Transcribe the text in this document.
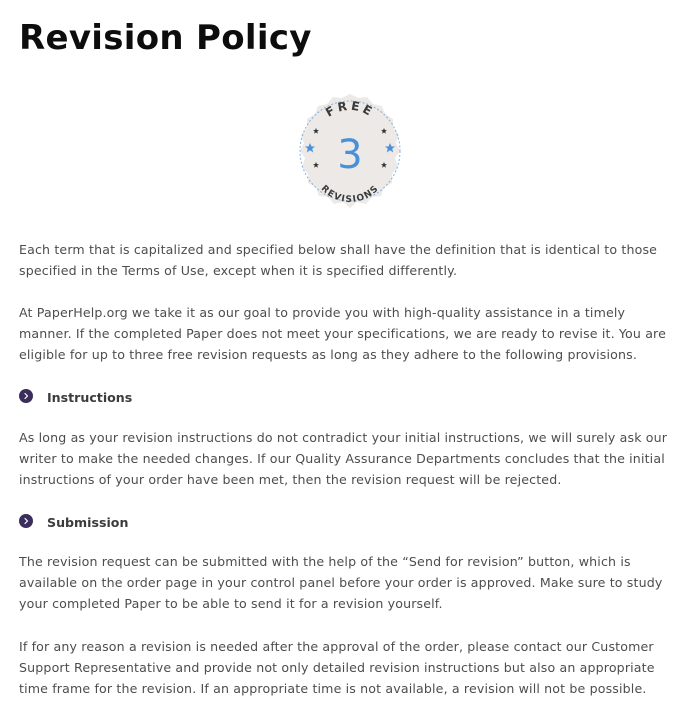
Revision Policy
FREE
3
REVISIONS

Each term that is capitalized and specified below shall have the definition that is identical to those specified in the Terms of Use, except when it is specified differently.

At PaperHelp.org we take it as our goal to provide you with high-quality assistance in a timely manner. If the completed Paper does not meet your specifications, we are ready to revise it. You are eligible for up to three free revision requests as long as they adhere to the following provisions.

Instructions

As long as your revision instructions do not contradict your initial instructions, we will surely ask our writer to make the needed changes. If our Quality Assurance Departments concludes that the initial instructions of your order have been met, then the revision request will be rejected.

Submission

The revision request can be submitted with the help of the “Send for revision” button, which is available on the order page in your control panel before your order is approved. Make sure to study your completed Paper to be able to send it for a revision yourself.

If for any reason a revision is needed after the approval of the order, please contact our Customer Support Representative and provide not only detailed revision instructions but also an appropriate time frame for the revision. If an appropriate time is not available, a revision will not be possible.
